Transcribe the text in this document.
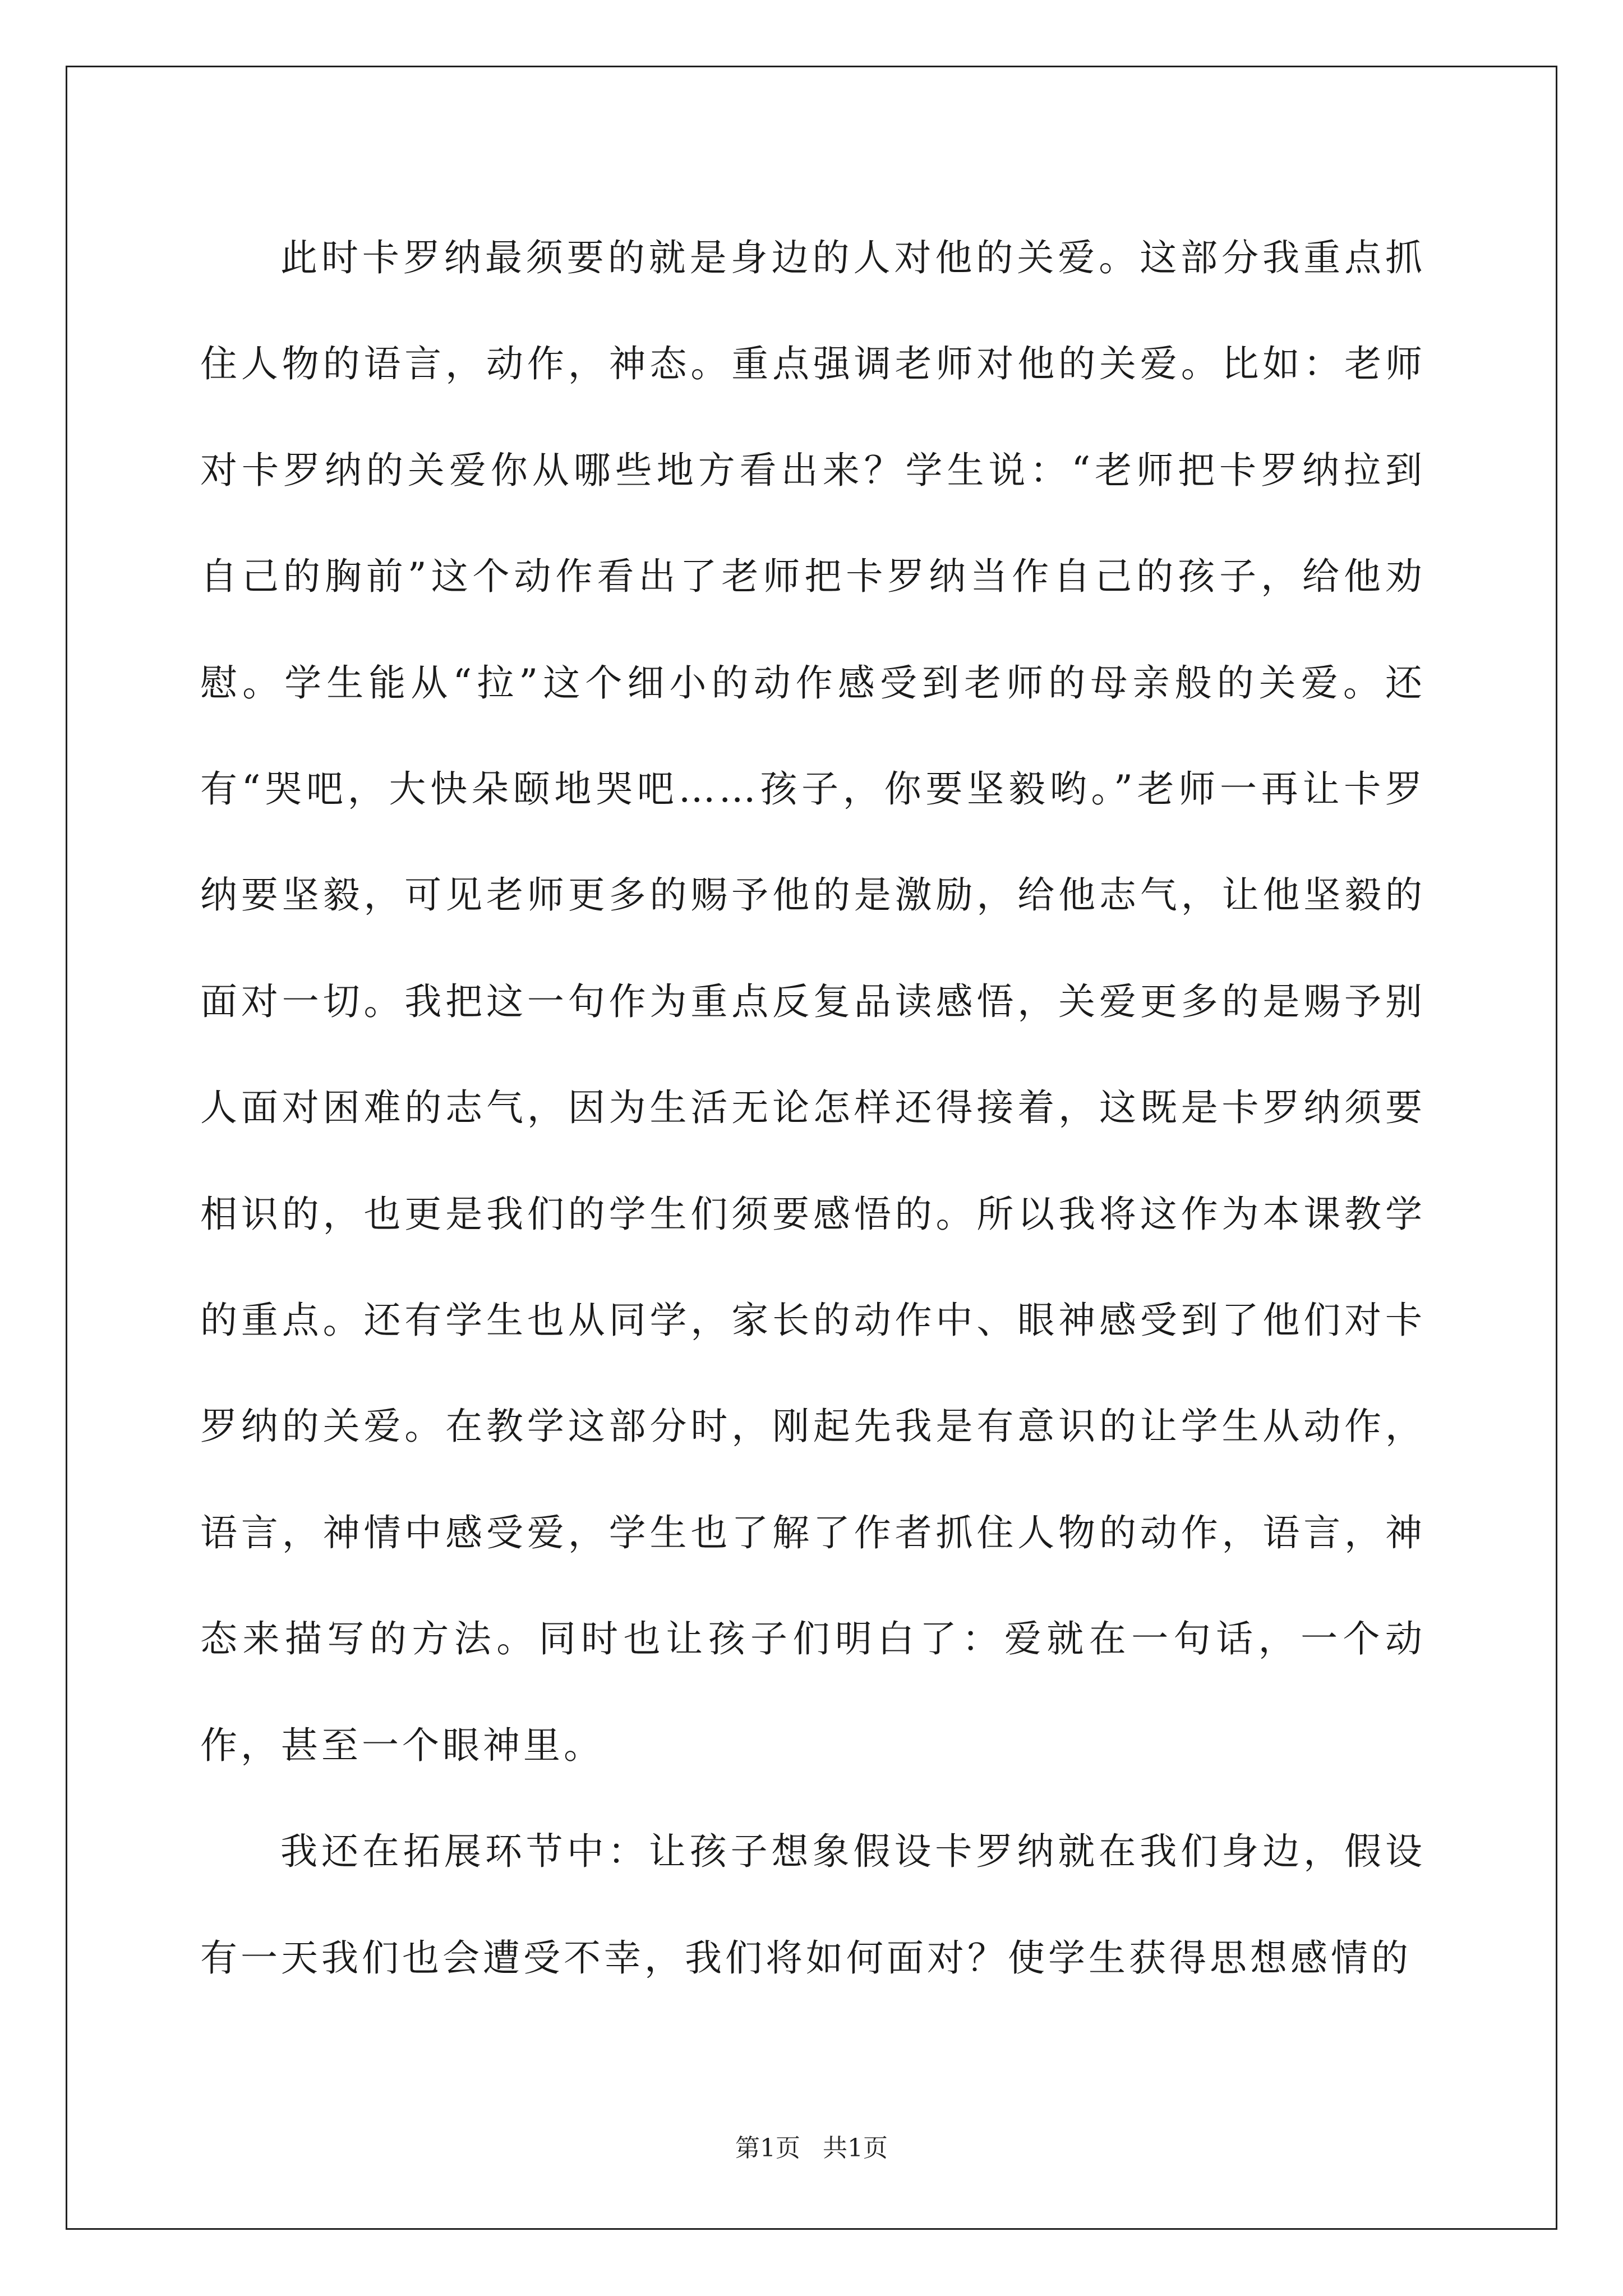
此时卡罗纳最须要的就是身边的人对他的关爱。这部分我重点抓住人物的语言，动作，神态。重点强调老师对他的关爱。比如：老师对卡罗纳的关爱你从哪些地方看出来？学生说：“老师把卡罗纳拉到自己的胸前”这个动作看出了老师把卡罗纳当作自己的孩子，给他劝慰。学生能从“拉”这个细小的动作感受到老师的母亲般的关爱。还有“哭吧，大快朵颐地哭吧……孩子，你要坚毅哟。”老师一再让卡罗纳要坚毅，可见老师更多的赐予他的是激励，给他志气，让他坚毅的面对一切。我把这一句作为重点反复品读感悟，关爱更多的是赐予别人面对困难的志气，因为生活无论怎样还得接着，这既是卡罗纳须要相识的，也更是我们的学生们须要感悟的。所以我将这作为本课教学的重点。还有学生也从同学，家长的动作中、眼神感受到了他们对卡罗纳的关爱。在教学这部分时，刚起先我是有意识的让学生从动作，语言，神情中感受爱，学生也了解了作者抓住人物的动作，语言，神态来描写的方法。同时也让孩子们明白了：爱就在一句话，一个动作，甚至一个眼神里。

我还在拓展环节中：让孩子想象假设卡罗纳就在我们身边，假设有一天我们也会遭受不幸，我们将如何面对？使学生获得思想感情的

第1页 共1页
